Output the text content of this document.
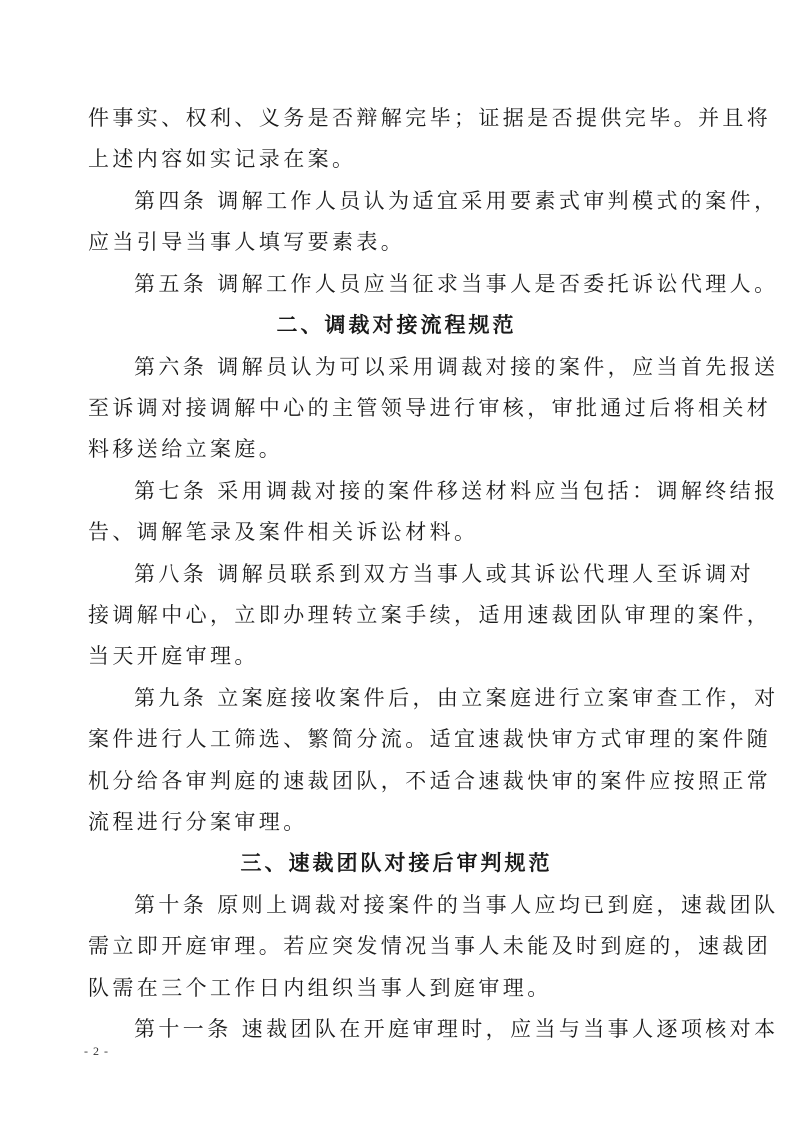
件事实、权利、义务是否辩解完毕；证据是否提供完毕。并且将
上述内容如实记录在案。
第四条 调解工作人员认为适宜采用要素式审判模式的案件，
应当引导当事人填写要素表。
第五条 调解工作人员应当征求当事人是否委托诉讼代理人。
二、调裁对接流程规范
第六条 调解员认为可以采用调裁对接的案件，应当首先报送
至诉调对接调解中心的主管领导进行审核，审批通过后将相关材
料移送给立案庭。
第七条 采用调裁对接的案件移送材料应当包括：调解终结报
告、调解笔录及案件相关诉讼材料。
第八条 调解员联系到双方当事人或其诉讼代理人至诉调对
接调解中心，立即办理转立案手续，适用速裁团队审理的案件，
当天开庭审理。
第九条 立案庭接收案件后，由立案庭进行立案审查工作，对
案件进行人工筛选、繁简分流。适宜速裁快审方式审理的案件随
机分给各审判庭的速裁团队，不适合速裁快审的案件应按照正常
流程进行分案审理。
三、速裁团队对接后审判规范
第十条 原则上调裁对接案件的当事人应均已到庭，速裁团队
需立即开庭审理。若应突发情况当事人未能及时到庭的，速裁团
队需在三个工作日内组织当事人到庭审理。
第十一条 速裁团队在开庭审理时，应当与当事人逐项核对本
- 2 -
